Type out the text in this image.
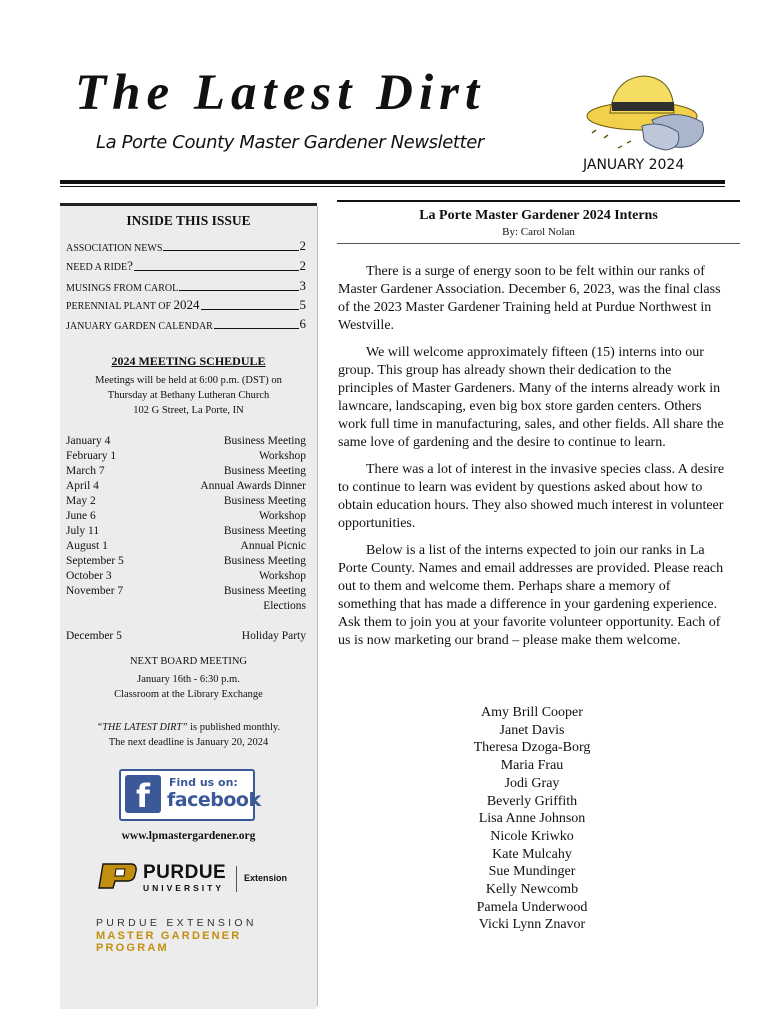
The Latest Dirt
La Porte County Master Gardener Newsletter
JANUARY 2024
INSIDE THIS ISSUE
ASSOCIATION NEWS	2
NEED A RIDE?	2
MUSINGS FROM CAROL	3
PERENNIAL PLANT OF 2024	5
JANUARY GARDEN CALENDAR	6
2024 MEETING SCHEDULE
Meetings will be held at 6:00 p.m. (DST) on
Thursday at Bethany Lutheran Church
102 G Street, La Porte, IN
January 4	Business Meeting
February 1	Workshop
March 7	Business Meeting
April 4	Annual Awards Dinner
May 2	Business Meeting
June 6	Workshop
July 11	Business Meeting
August 1	Annual Picnic
September 5	Business Meeting
October 3	Workshop
November 7	Business Meeting
Elections
December 5	Holiday Party
NEXT BOARD MEETING
January 16th - 6:30 p.m.
Classroom at the Library Exchange
“THE LATEST DIRT” is published monthly.
The next deadline is January 20, 2024
f	Find us on:
facebook
www.lpmastergardener.org
PURDUE
UNIVERSITY
Extension
PURDUE EXTENSION
MASTER GARDENER PROGRAM
La Porte Master Gardener 2024 Interns
By: Carol Nolan

There is a surge of energy soon to be felt within our ranks of Master Gardener Association. December 6, 2023, was the final class of the 2023 Master Gardener Training held at Purdue Northwest in Westville.

We will welcome approximately fifteen (15) interns into our group. This group has already shown their dedication to the principles of Master Gardeners. Many of the interns already work in lawncare, landscaping, even big box store garden centers. Others work full time in manufacturing, sales, and other fields. All share the same love of gardening and the desire to continue to learn.

There was a lot of interest in the invasive species class. A desire to continue to learn was evident by questions asked about how to obtain education hours. They also showed much interest in volunteer opportunities.

Below is a list of the interns expected to join our ranks in La Porte County. Names and email addresses are provided. Please reach out to them and welcome them. Perhaps share a memory of something that has made a difference in your gardening experience. Ask them to join you at your favorite volunteer opportunity. Each of us is now marketing our brand – please make them welcome.

Amy Brill Cooper
Janet Davis
Theresa Dzoga-Borg
Maria Frau
Jodi Gray
Beverly Griffith
Lisa Anne Johnson
Nicole Kriwko
Kate Mulcahy
Sue Mundinger
Kelly Newcomb
Pamela Underwood
Vicki Lynn Znavor
